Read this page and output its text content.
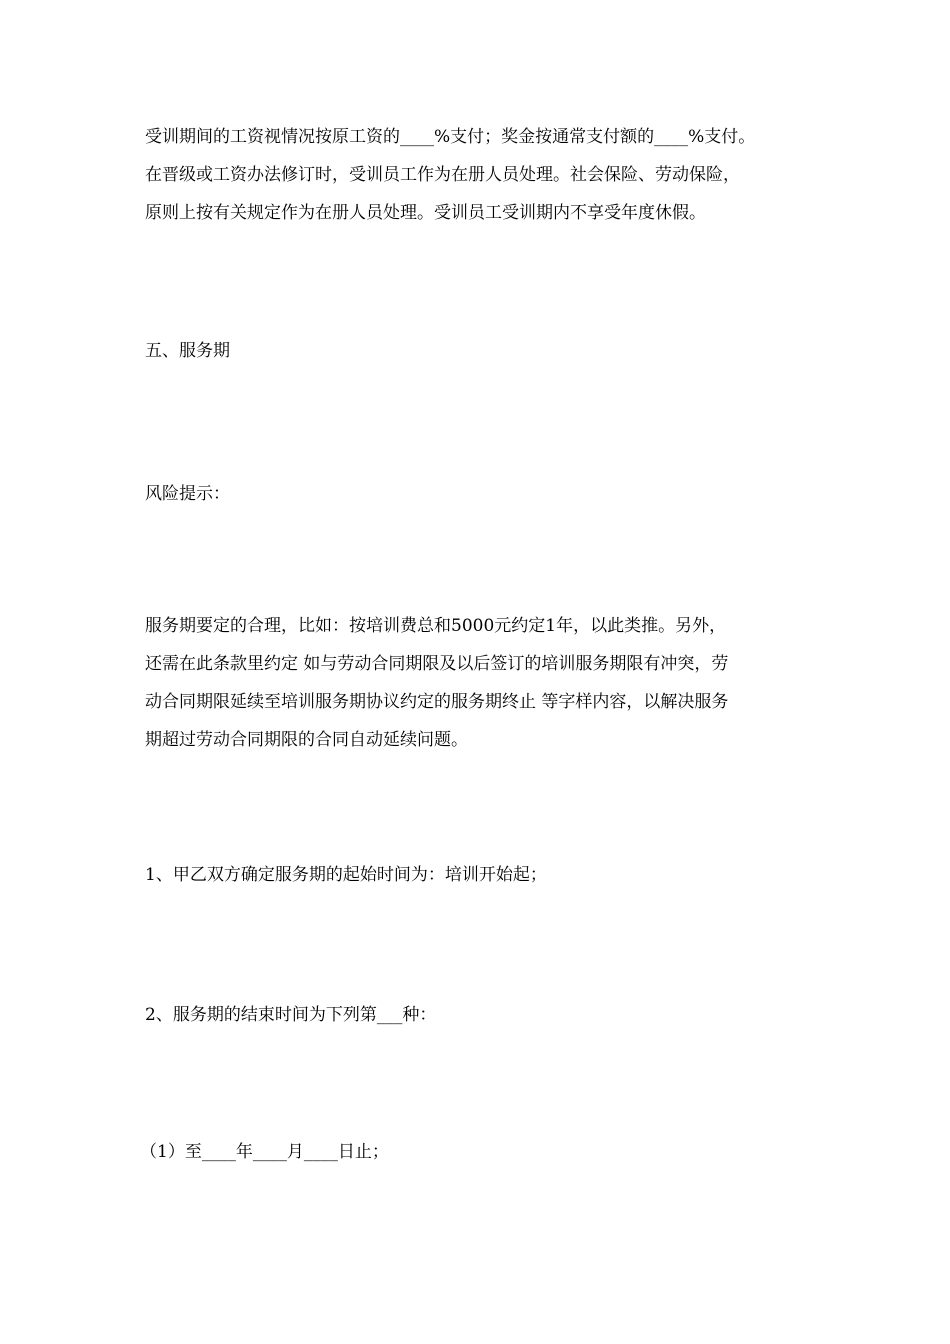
受训期间的工资视情况按原工资的____%支付；奖金按通常支付额的____%支付。
在晋级或工资办法修订时，受训员工作为在册人员处理。社会保险、劳动保险，
原则上按有关规定作为在册人员处理。受训员工受训期内不享受年度休假。
五、服务期
风险提示：
服务期要定的合理，比如：按培训费总和5000元约定1年，以此类推。另外，
还需在此条款里约定 如与劳动合同期限及以后签订的培训服务期限有冲突，劳
动合同期限延续至培训服务期协议约定的服务期终止 等字样内容，以解决服务
期超过劳动合同期限的合同自动延续问题。
1、甲乙双方确定服务期的起始时间为：培训开始起；
2、服务期的结束时间为下列第___种：
（1）至____年____月____日止；
